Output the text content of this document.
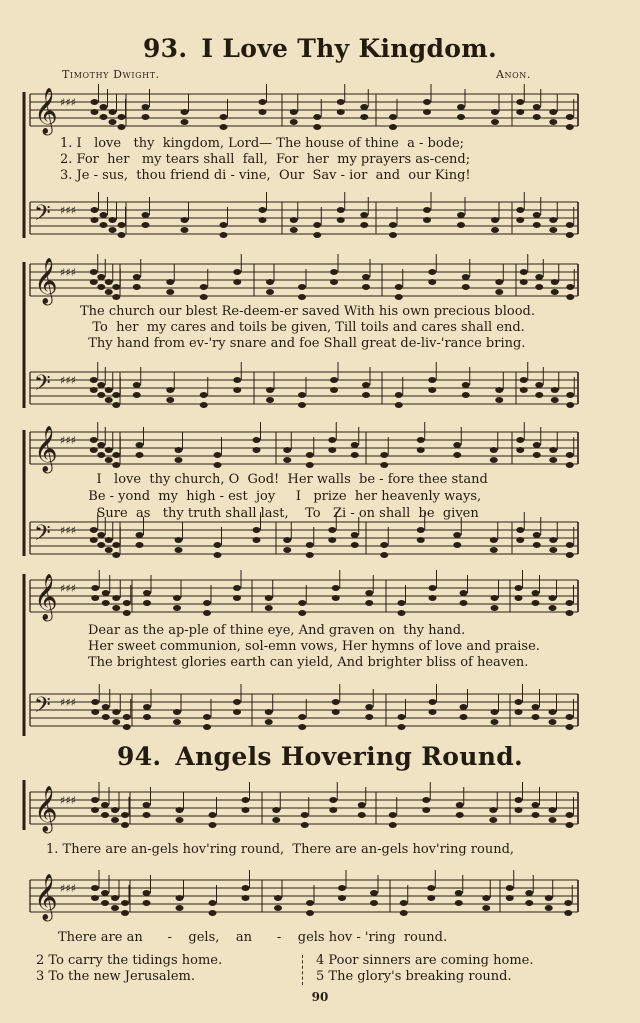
93. I Love Thy Kingdom.
Timothy Dwight.	Anon.
𝄞 ♯♯♯
𝄢 ♯♯♯
𝄞 ♯♯♯
𝄢 ♯♯♯
𝄞 ♯♯♯
𝄢 ♯♯♯
𝄞 ♯♯♯
𝄢 ♯♯♯
𝄞 ♯♯♯
𝄞 ♯♯♯
1. I   love   thy  kingdom, Lord— The house of thine  a - bode;
2. For  her   my tears shall  fall,  For  her  my prayers as-cend;
3. Je - sus,  thou friend di - vine,  Our  Sav - ior  and  our King!
The church our blest Re-deem-er saved With his own precious blood.
To  her  my cares and toils be given, Till toils and cares shall end.
Thy hand from ev-'ry snare and foe Shall great de-liv-'rance bring.
I   love  thy church, O  God!  Her walls  be - fore thee stand
Be - yond  my  high - est  joy     I   prize  her heavenly ways,
Sure  as   thy truth shall last,    To   Zi - on shall  be  given
Dear as the ap-ple of thine eye, And graven on  thy hand.
Her sweet communion, sol-emn vows, Her hymns of love and praise.
The brightest glories earth can yield, And brighter bliss of heaven.
94. Angels Hovering Round.
1. There are an-gels hov'ring round,  There are an-gels hov'ring round,
There are an      -    gels,    an      -    gels hov - 'ring  round.
2 To carry the tidings home.
3 To the new Jerusalem.
4 Poor sinners are coming home.
5 The glory's breaking round.
90
